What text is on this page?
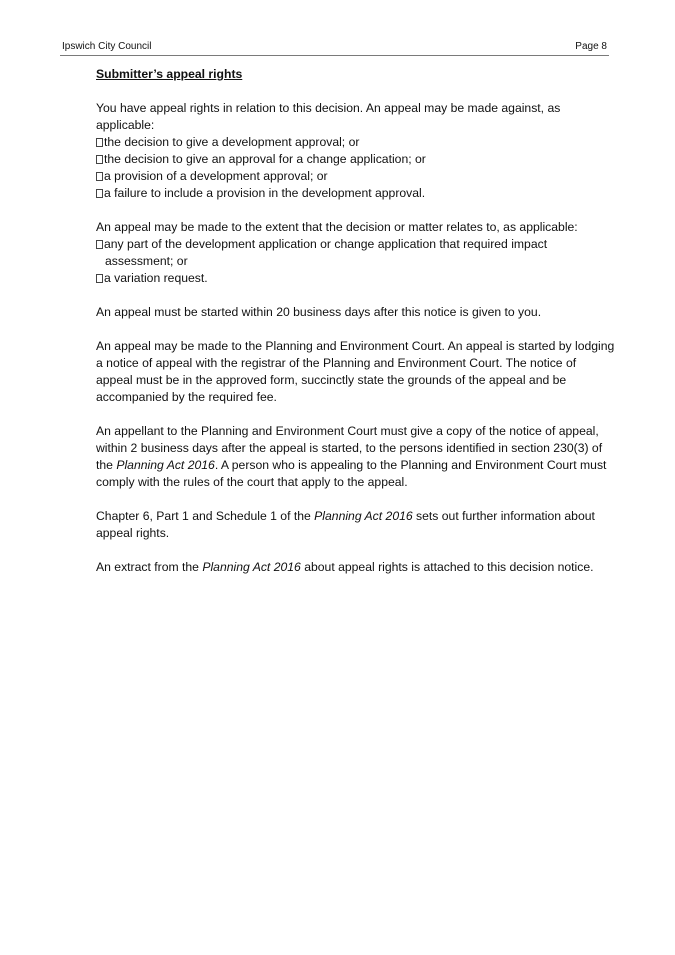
Ipswich City Council	Page 8
Submitter’s appeal rights
You have appeal rights in relation to this decision. An appeal may be made against, as
applicable:
the decision to give a development approval; or
the decision to give an approval for a change application; or
a provision of a development approval; or
a failure to include a provision in the development approval.
An appeal may be made to the extent that the decision or matter relates to, as applicable:
any part of the development application or change application that required impact
assessment; or
a variation request.
An appeal must be started within 20 business days after this notice is given to you.
An appeal may be made to the Planning and Environment Court. An appeal is started by lodging
a notice of appeal with the registrar of the Planning and Environment Court. The notice of
appeal must be in the approved form, succinctly state the grounds of the appeal and be
accompanied by the required fee.
An appellant to the Planning and Environment Court must give a copy of the notice of appeal,
within 2 business days after the appeal is started, to the persons identified in section 230(3) of
the Planning Act 2016. A person who is appealing to the Planning and Environment Court must
comply with the rules of the court that apply to the appeal.
Chapter 6, Part 1 and Schedule 1 of the Planning Act 2016 sets out further information about
appeal rights.
An extract from the Planning Act 2016 about appeal rights is attached to this decision notice.
